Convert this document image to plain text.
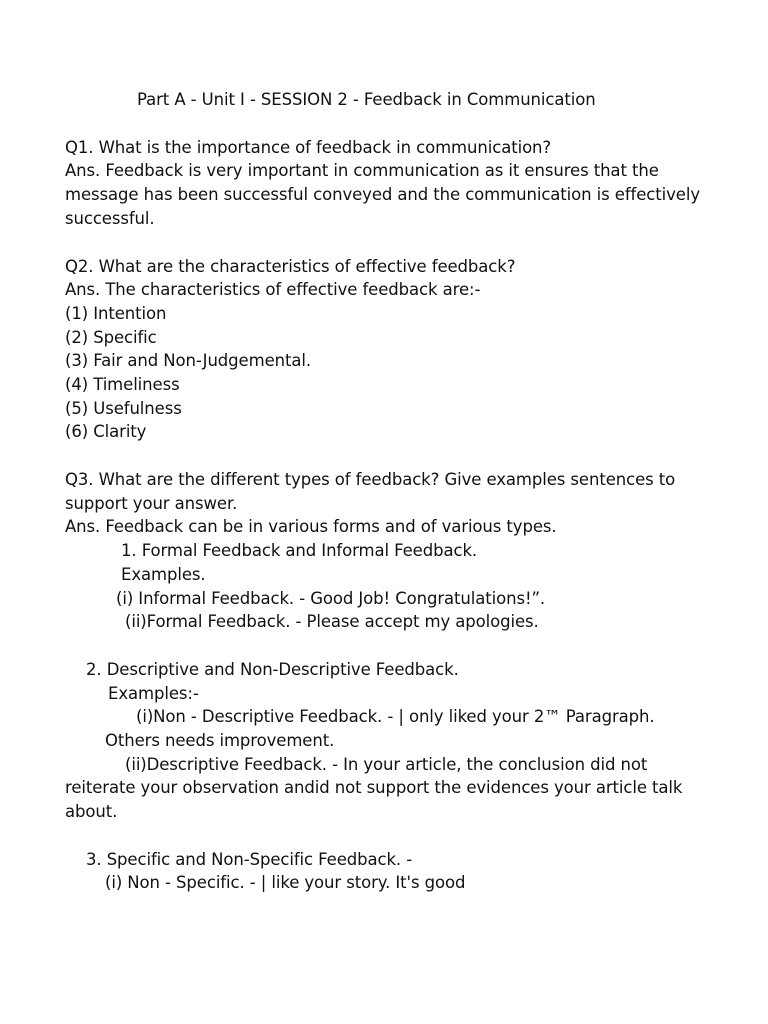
Part A - Unit I - SESSION 2 - Feedback in Communication
Q1. What is the importance of feedback in communication?
Ans. Feedback is very important in communication as it ensures that the
message has been successful conveyed and the communication is effectively
successful.
Q2. What are the characteristics of effective feedback?
Ans. The characteristics of effective feedback are:-
(1) Intention
(2) Specific
(3) Fair and Non-Judgemental.
(4) Timeliness
(5) Usefulness
(6) Clarity
Q3. What are the different types of feedback? Give examples sentences to
support your answer.
Ans. Feedback can be in various forms and of various types.
1. Formal Feedback and Informal Feedback.
Examples.
(i) Informal Feedback. - Good Job! Congratulations!”.
(ii)Formal Feedback. - Please accept my apologies.
2. Descriptive and Non-Descriptive Feedback.
Examples:-
(i)Non - Descriptive Feedback. - | only liked your 2™ Paragraph.
Others needs improvement.
(ii)Descriptive Feedback. - In your article, the conclusion did not
reiterate your observation andid not support the evidences your article talk
about.
3. Specific and Non-Specific Feedback. -
(i) Non - Specific. - | like your story. It's good
